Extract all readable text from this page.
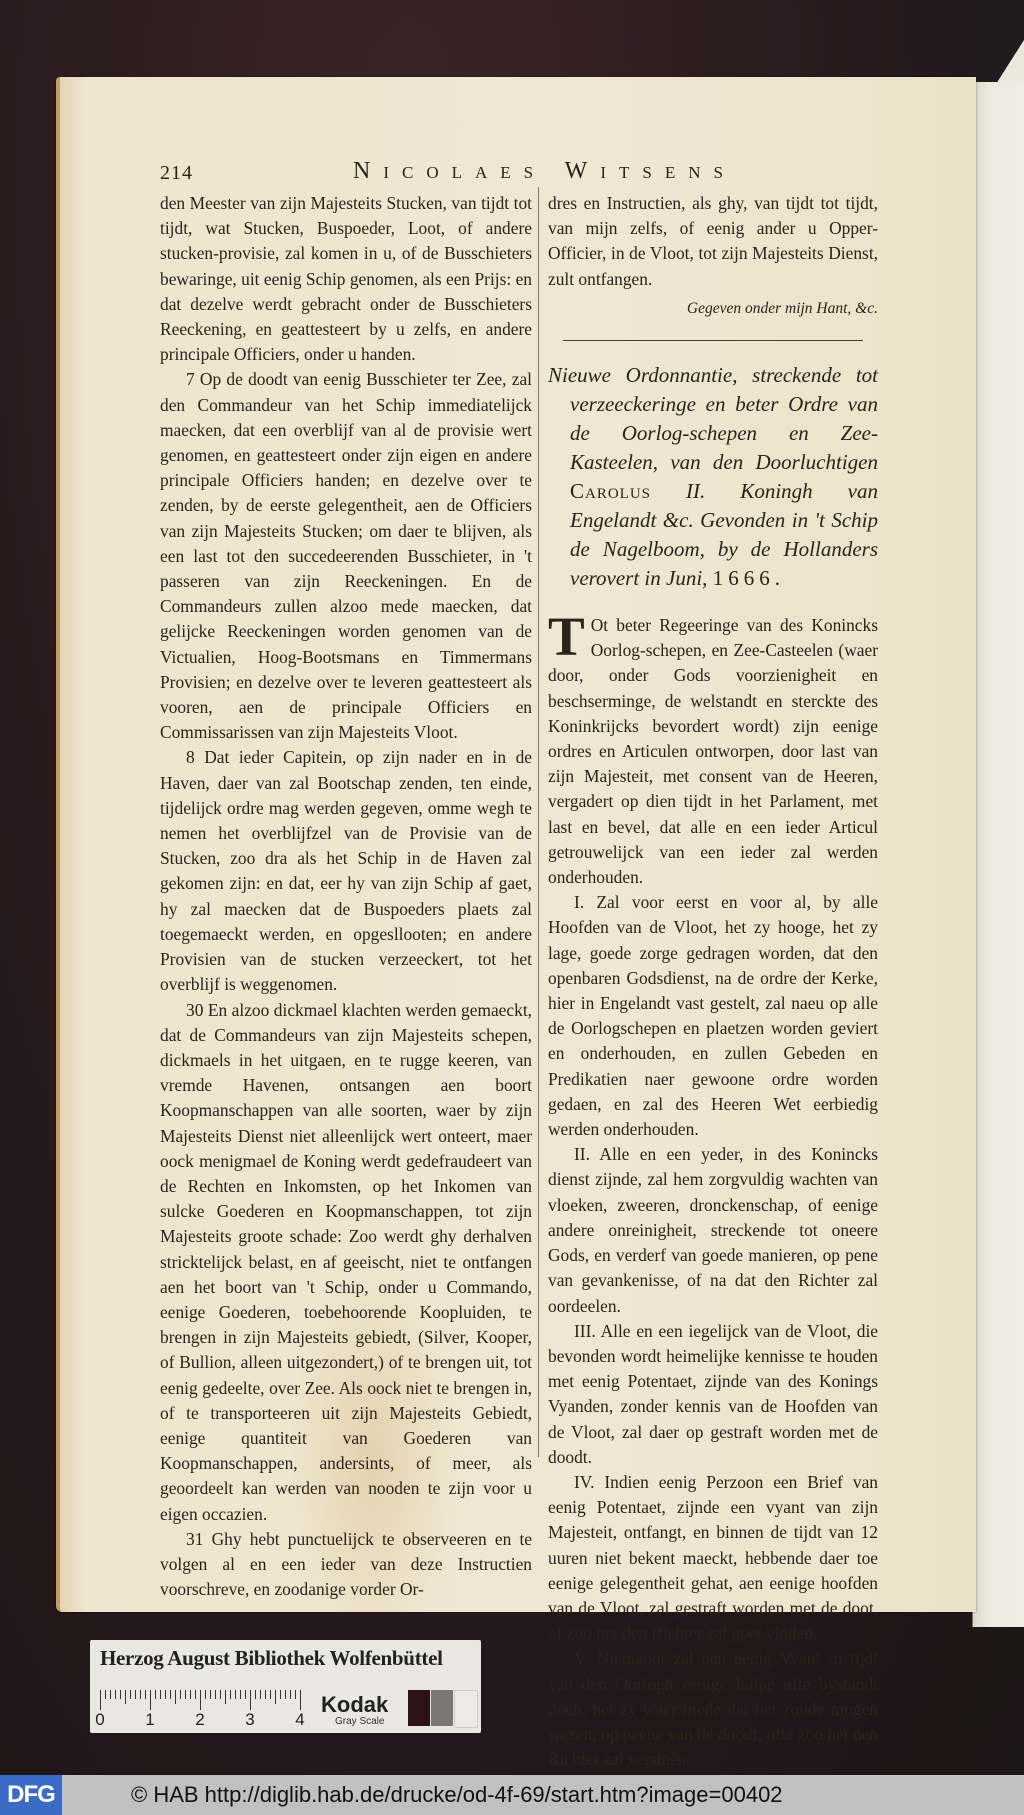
214	Nicolaes Witsens

den Meester van zijn Majesteits Stucken, van tijdt tot tijdt, wat Stucken, Buspoeder, Loot, of andere stucken-provisie, zal komen in u, of de Busschieters bewaringe, uit eenig Schip genomen, als een Prijs: en dat dezelve werdt gebracht onder de Busschieters Reeckening, en geattesteert by u zelfs, en andere principale Officiers, onder u handen.

7 Op de doodt van eenig Busschieter ter Zee, zal den Commandeur van het Schip immediatelijck maecken, dat een overblijf van al de provisie wert genomen, en geattesteert onder zijn eigen en andere principale Officiers handen; en dezelve over te zenden, by de eerste gelegentheit, aen de Officiers van zijn Majesteits Stucken; om daer te blijven, als een last tot den succedeerenden Busschieter, in 't passeren van zijn Reeckeningen. En de Commandeurs zullen alzoo mede maecken, dat gelijcke Reeckeningen worden genomen van de Victualien, Hoog-Bootsmans en Timmermans Provisien; en dezelve over te leveren geattesteert als vooren, aen de principale Officiers en Commissarissen van zijn Majesteits Vloot.

8 Dat ieder Capitein, op zijn nader en in de Haven, daer van zal Bootschap zenden, ten einde, tijdelijck ordre mag werden gegeven, omme wegh te nemen het overblijfzel van de Provisie van de Stucken, zoo dra als het Schip in de Haven zal gekomen zijn: en dat, eer hy van zijn Schip af gaet, hy zal maecken dat de Buspoeders plaets zal toegemaeckt werden, en opgesllooten; en andere Provisien van de stucken verzeeckert, tot het overblijf is weggenomen.

30 En alzoo dickmael klachten werden gemaeckt, dat de Commandeurs van zijn Majesteits schepen, dickmaels in het uitgaen, en te rugge keeren, van vremde Havenen, ontsangen aen boort Koopmanschappen van alle soorten, waer by zijn Majesteits Dienst niet alleenlijck wert onteert, maer oock menigmael de Koning werdt gedefraudeert van de Rechten en Inkomsten, op het Inkomen van sulcke Goederen en Koopmanschappen, tot zijn Majesteits groote schade: Zoo werdt ghy derhalven stricktelijck belast, en af geeischt, niet te ontfangen aen het boort van 't Schip, onder u Commando, eenige Goederen, toebehoorende Koopluiden, te brengen in zijn Majesteits gebiedt, (Silver, Kooper, of Bullion, alleen uitgezondert,) of te brengen uit, tot eenig gedeelte, over Zee. Als oock niet te brengen in, of te transporteeren uit zijn Majesteits Gebiedt, eenige quantiteit van Goederen van Koopmanschappen, andersints, of meer, als geoordeelt kan werden van nooden te zijn voor u eigen occazien.

31 Ghy hebt punctuelijck te observeeren en te volgen al en een ieder van deze Instructien voorschreve, en zoodanige vorder Or-

dres en Instructien, als ghy, van tijdt tot tijdt, van mijn zelfs, of eenig ander u Opper-Officier, in de Vloot, tot zijn Majesteits Dienst, zult ontfangen.

Gegeven onder mijn Hant, &c.

Nieuwe Ordonnantie, streckende tot verzeeckeringe en beter Ordre van de Oorlog-schepen en Zee-Kasteelen, van den Doorluchtigen Carolus II. Koningh van Engelandt &c. Gevonden in 't Schip de Nagelboom, by de Hollanders verovert in Juni, 1666.

T Ot beter Regeeringe van des Konincks Oorlog-schepen, en Zee-Casteelen (waer door, onder Gods voorzienigheit en beschserminge, de welstandt en sterckte des Koninkrijcks bevordert wordt) zijn eenige ordres en Articulen ontworpen, door last van zijn Majesteit, met consent van de Heeren, vergadert op dien tijdt in het Parlament, met last en bevel, dat alle en een ieder Articul getrouwelijck van een ieder zal werden onderhouden.

I. Zal voor eerst en voor al, by alle Hoofden van de Vloot, het zy hooge, het zy lage, goede zorge gedragen worden, dat den openbaren Godsdienst, na de ordre der Kerke, hier in Engelandt vast gestelt, zal naeu op alle de Oorlogschepen en plaetzen worden geviert en onderhouden, en zullen Gebeden en Predikatien naer gewoone ordre worden gedaen, en zal des Heeren Wet eerbiedig werden onderhouden.

II. Alle en een yeder, in des Konincks dienst zijnde, zal hem zorgvuldig wachten van vloeken, zweeren, dronckenschap, of eenige andere onreinigheit, streckende tot oneere Gods, en verderf van goede manieren, op pene van gevankenisse, of na dat den Richter zal oordeelen.

III. Alle en een iegelijck van de Vloot, die bevonden wordt heimelijke kennisse te houden met eenig Potentaet, zijnde van des Konings Vyanden, zonder kennis van de Hoofden van de Vloot, zal daer op gestraft worden met de doodt.

IV. Indien eenig Perzoon een Brief van eenig Potentaet, zijnde een vyant van zijn Majesteit, ontfangt, en binnen de tijdt van 12 uuren niet bekent maeckt, hebbende daer toe eenige gelegentheit gehat, aen eenige hoofden van de Vloot, zal gestraft worden met de doot, of zoo het den Richter zal goet vinden.

V. Niemandt zal aen eenig Vyant in tijdt van den Oorlogh eenige hulpe ofte bystandt doen, het zy waer mede dat het zoude mogen wezen, op peene van de doodt, ofte zoo het den Richter zal verstaen.

Herzog August Bibliothek Wolfenbüttel
0 1 2 3 4
Kodak
Gray Scale
DFG	© HAB http://diglib.hab.de/drucke/od-4f-69/start.htm?image=00402
